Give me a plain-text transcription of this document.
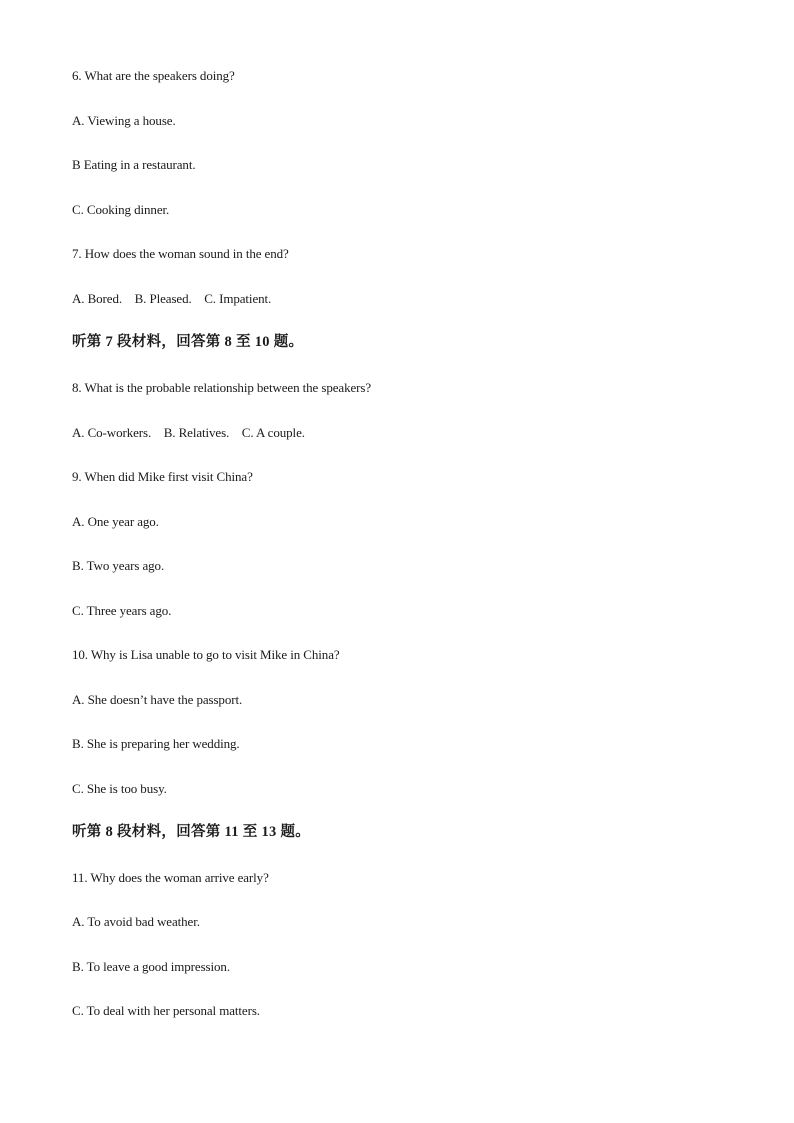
6. What are the speakers doing?
A. Viewing a house.
B Eating in a restaurant.
C. Cooking dinner.
7. How does the woman sound in the end?
A. Bored.    B. Pleased.    C. Impatient.
听第 7 段材料，回答第 8 至 10 题。
8. What is the probable relationship between the speakers?
A. Co-workers.    B. Relatives.    C. A couple.
9. When did Mike first visit China?
A. One year ago.
B. Two years ago.
C. Three years ago.
10. Why is Lisa unable to go to visit Mike in China?
A. She doesn’t have the passport.
B. She is preparing her wedding.
C. She is too busy.
听第 8 段材料，回答第 11 至 13 题。
11. Why does the woman arrive early?
A. To avoid bad weather.
B. To leave a good impression.
C. To deal with her personal matters.
